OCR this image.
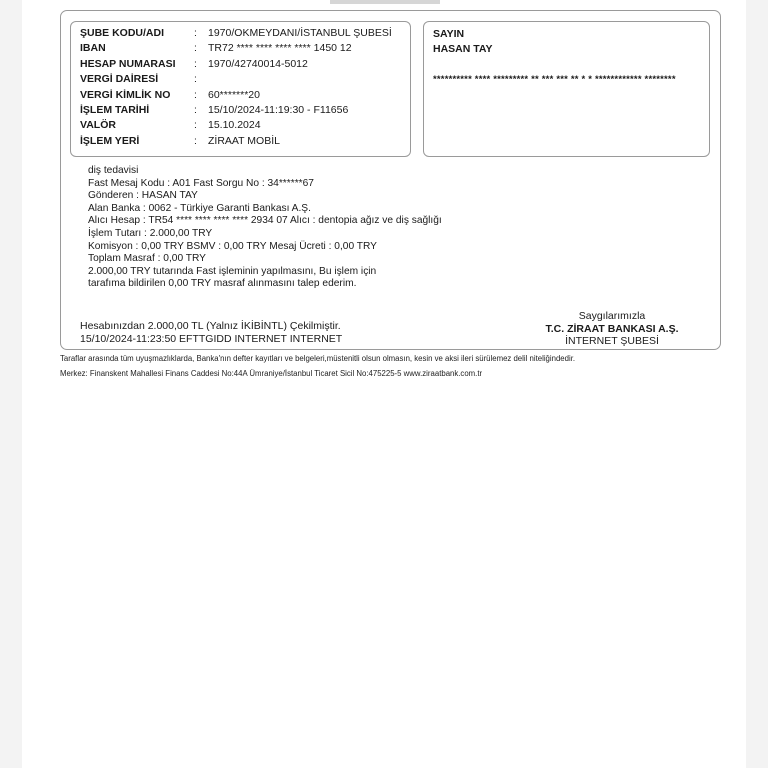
ŞUBE KODU/ADI	: 1970/OKMEYDANI/İSTANBUL ŞUBESİ
IBAN	: TR72 **** **** **** **** 1450 12
HESAP NUMARASI : 1970/42740014-5012
VERGİ DAİRESİ	:
VERGİ KİMLİK NO : 60*******20
İŞLEM TARİHİ	: 15/10/2024-11:19:30 - F11656
VALÖR	: 15.10.2024
İŞLEM YERİ	: ZİRAAT MOBİL
SAYIN
HASAN TAY
********** **** ********* ** *** *** ** * * ************ ********
diş tedavisi
Fast Mesaj Kodu : A01 Fast Sorgu No : 34******67
Gönderen : HASAN TAY
Alan Banka : 0062 - Türkiye Garanti Bankası A.Ş.
Alıcı Hesap : TR54 **** **** **** **** 2934 07 Alıcı : dentopia ağız ve diş sağlığı
İşlem Tutarı : 2.000,00 TRY
Komisyon : 0,00 TRY BSMV : 0,00 TRY Mesaj Ücreti : 0,00 TRY
Toplam Masraf : 0,00 TRY
2.000,00 TRY tutarında Fast işleminin yapılmasını, Bu işlem için
tarafıma bildirilen 0,00 TRY masraf alınmasını talep ederim.
Saygılarımızla
T.C. ZİRAAT BANKASI A.Ş.
İNTERNET ŞUBESİ
Hesabınızdan 2.000,00 TL (Yalnız İKİBİNTL) Çekilmiştir.
15/10/2024-11:23:50 EFTTGIDD INTERNET INTERNET
Taraflar arasında tüm uyuşmazlıklarda, Banka'nın defter kayıtları ve belgeleri,müstenitli olsun olmasın, kesin ve aksi ileri sürülemez delil niteliğindedir.
Merkez: Finanskent Mahallesi Finans Caddesi No:44A Ümraniye/İstanbul Ticaret Sicil No:475225-5 www.ziraatbank.com.tr
